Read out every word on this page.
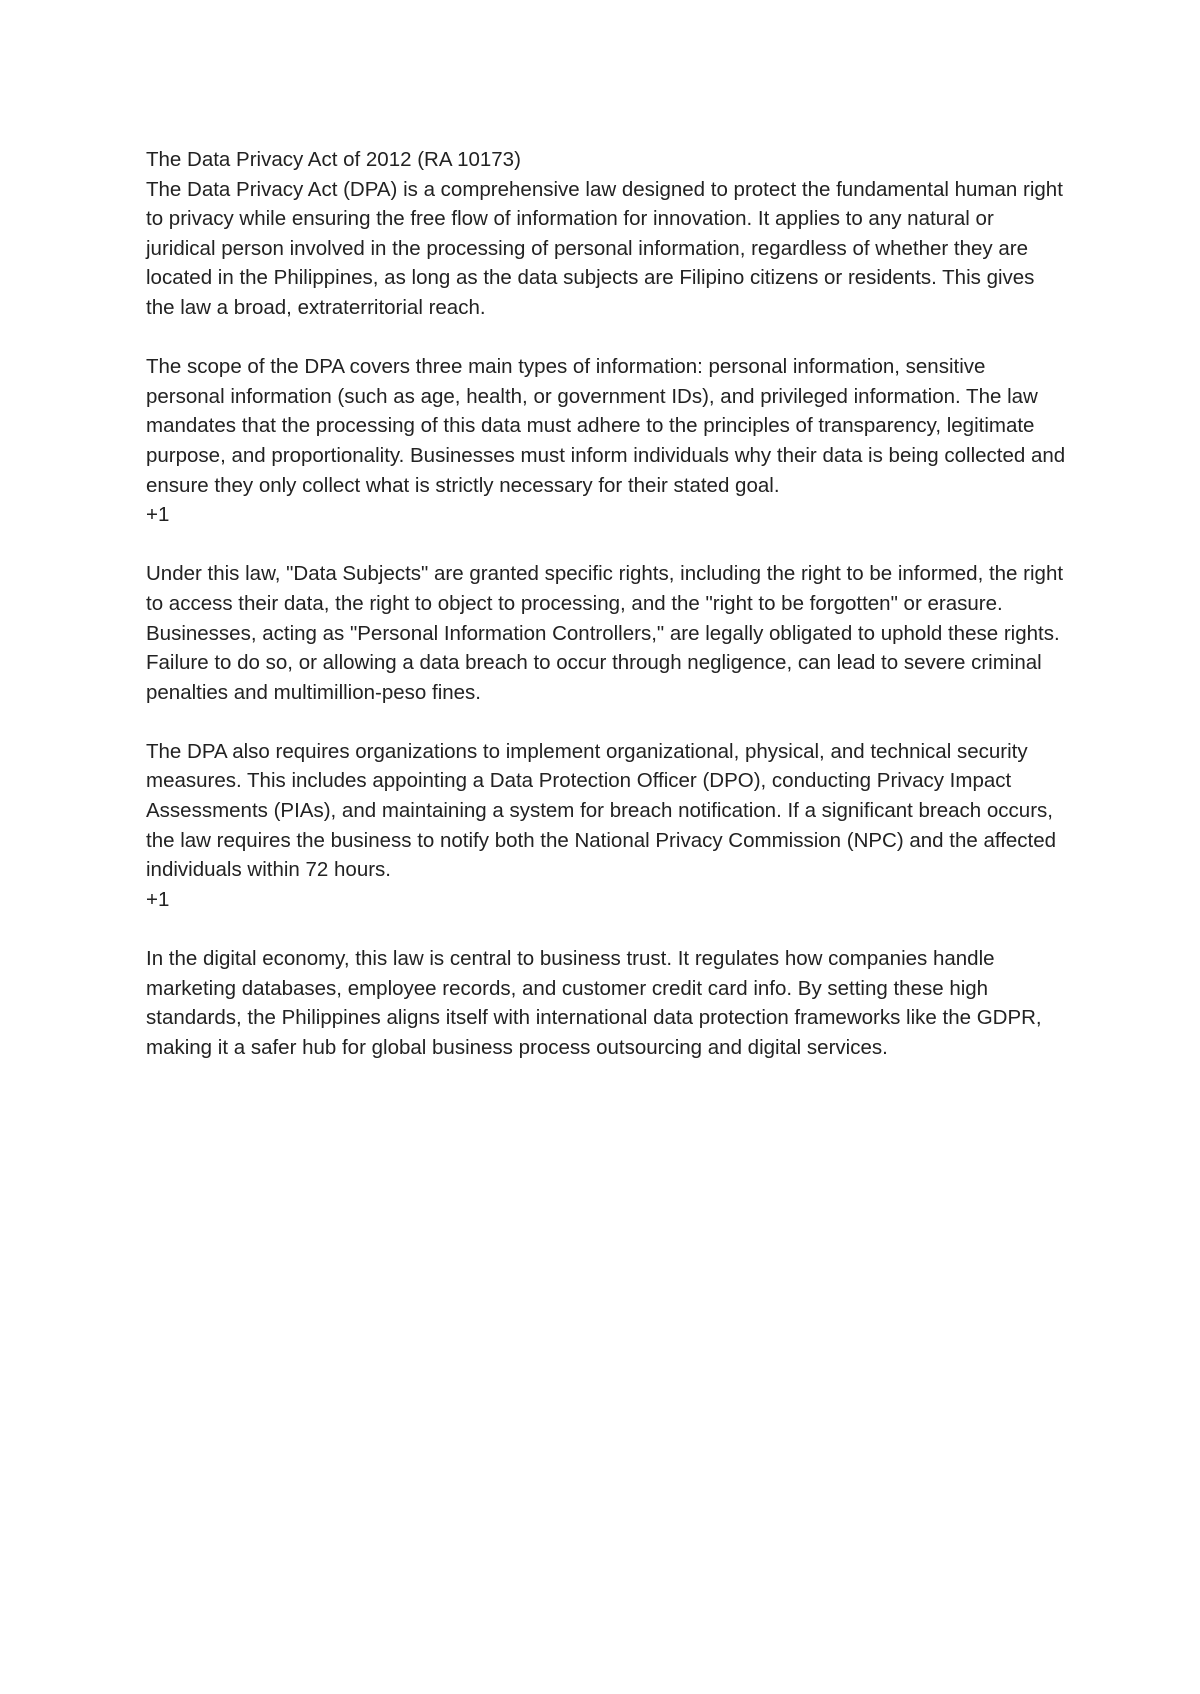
The Data Privacy Act of 2012 (RA 10173)

The Data Privacy Act (DPA) is a comprehensive law designed to protect the fundamental human right to privacy while ensuring the free flow of information for innovation. It applies to any natural or juridical person involved in the processing of personal information, regardless of whether they are located in the Philippines, as long as the data subjects are Filipino citizens or residents. This gives the law a broad, extraterritorial reach.

The scope of the DPA covers three main types of information: personal information, sensitive personal information (such as age, health, or government IDs), and privileged information. The law mandates that the processing of this data must adhere to the principles of transparency, legitimate purpose, and proportionality. Businesses must inform individuals why their data is being collected and ensure they only collect what is strictly necessary for their stated goal.

+1

Under this law, "Data Subjects" are granted specific rights, including the right to be informed, the right to access their data, the right to object to processing, and the "right to be forgotten" or erasure. Businesses, acting as "Personal Information Controllers," are legally obligated to uphold these rights. Failure to do so, or allowing a data breach to occur through negligence, can lead to severe criminal penalties and multimillion-peso fines.

The DPA also requires organizations to implement organizational, physical, and technical security measures. This includes appointing a Data Protection Officer (DPO), conducting Privacy Impact Assessments (PIAs), and maintaining a system for breach notification. If a significant breach occurs, the law requires the business to notify both the National Privacy Commission (NPC) and the affected individuals within 72 hours.

+1

In the digital economy, this law is central to business trust. It regulates how companies handle marketing databases, employee records, and customer credit card info. By setting these high standards, the Philippines aligns itself with international data protection frameworks like the GDPR, making it a safer hub for global business process outsourcing and digital services.
